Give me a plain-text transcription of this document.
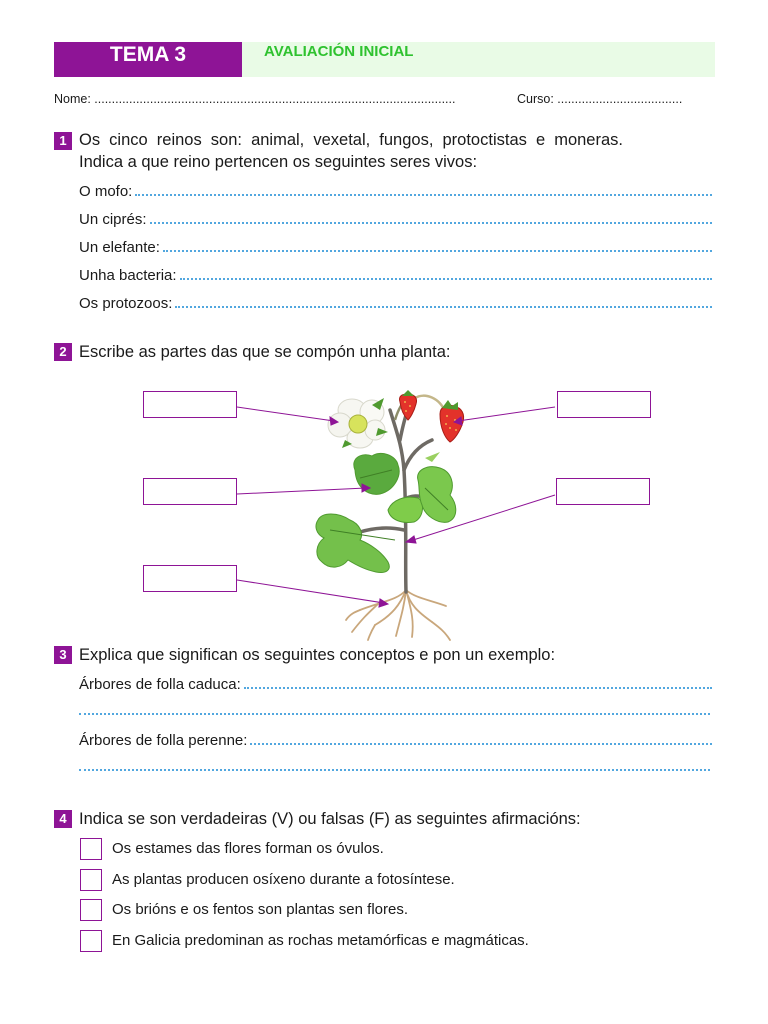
TEMA 3	AVALIACIÓN INICIAL
Nome: ........................................................................................................	Curso: ....................................
1 Os cinco reinos son: animal, vexetal, fungos, protoctistas e moneras. Indica a que reino pertencen os seguintes seres vivos:
O mofo:
Un ciprés:
Un elefante:
Unha bacteria:
Os protozoos:
2 Escribe as partes das que se compón unha planta:
3 Explica que significan os seguintes conceptos e pon un exemplo:
Árbores de folla caduca:
Árbores de folla perenne:
4 Indica se son verdadeiras (V) ou falsas (F) as seguintes afirmacións:
Os estames das flores forman os óvulos.
As plantas producen osíxeno durante a fotosíntese.
Os brións e os fentos son plantas sen flores.
En Galicia predominan as rochas metamórficas e magmáticas.
